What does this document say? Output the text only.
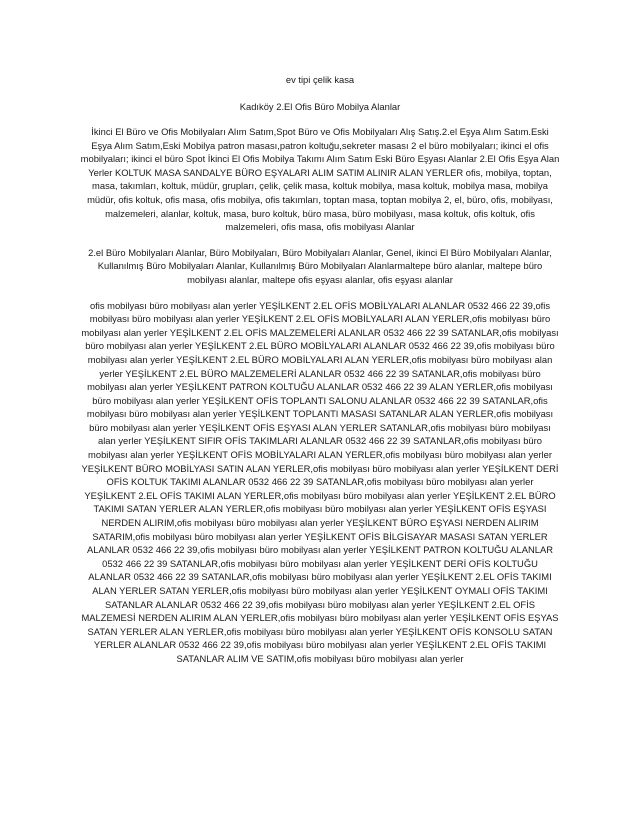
ev tipi çelik kasa
Kadıköy 2.El Ofis Büro Mobilya Alanlar

İkinci El Büro ve Ofis Mobilyaları Alım Satım,Spot Büro ve Ofis Mobilyaları Alış Satış.2.el Eşya Alım Satım.Eski Eşya Alım Satım,Eski Mobilya patron masası,patron koltuğu,sekreter masası 2 el büro mobilyaları; ikinci el ofis mobilyaları; ikinci el büro Spot İkinci El Ofis Mobilya Takımı Alım Satım Eski Büro Eşyası Alanlar 2.El Ofis Eşya Alan Yerler KOLTUK MASA SANDALYE BÜRO EŞYALARI ALIM SATIM ALINIR ALAN YERLER ofis, mobilya, toptan, masa, takımları, koltuk, müdür, grupları, çelik, çelik masa, koltuk mobilya, masa koltuk, mobilya masa, mobilya müdür, ofis koltuk, ofis masa, ofis mobilya, ofis takımları, toptan masa, toptan mobilya 2, el, büro, ofis, mobilyası, malzemeleri, alanlar, koltuk, masa, buro koltuk, büro masa, büro mobilyası, masa koltuk, ofis koltuk, ofis malzemeleri, ofis masa, ofis mobilyası Alanlar

2.el Büro Mobilyaları Alanlar, Büro Mobilyaları, Büro Mobilyaları Alanlar, Genel, ikinci El Büro Mobilyaları Alanlar, Kullanılmış Büro Mobilyaları Alanlar, Kullanılmış Büro Mobilyaları Alanlarmaltepe büro alanlar, maltepe büro mobilyası alanlar, maltepe ofis eşyası alanlar, ofis eşyası alanlar

ofis mobilyası büro mobilyası alan yerler YEŞİLKENT 2.EL OFİS MOBİLYALARI ALANLAR 0532 466 22 39,ofis mobilyası büro mobilyası alan yerler YEŞİLKENT 2.EL OFİS MOBİLYALARI ALAN YERLER,ofis mobilyası büro mobilyası alan yerler YEŞİLKENT 2.EL OFİS MALZEMELERİ ALANLAR 0532 466 22 39 SATANLAR,ofis mobilyası büro mobilyası alan yerler YEŞİLKENT 2.EL BÜRO MOBİLYALARI ALANLAR 0532 466 22 39,ofis mobilyası büro mobilyası alan yerler YEŞİLKENT 2.EL BÜRO MOBİLYALARI ALAN YERLER,ofis mobilyası büro mobilyası alan yerler YEŞİLKENT 2.EL BÜRO MALZEMELERİ ALANLAR 0532 466 22 39 SATANLAR,ofis mobilyası büro mobilyası alan yerler YEŞİLKENT PATRON KOLTUĞU ALANLAR 0532 466 22 39 ALAN YERLER,ofis mobilyası büro mobilyası alan yerler YEŞİLKENT OFİS TOPLANTI SALONU ALANLAR 0532 466 22 39 SATANLAR,ofis mobilyası büro mobilyası alan yerler YEŞİLKENT TOPLANTI MASASI SATANLAR ALAN YERLER,ofis mobilyası büro mobilyası alan yerler YEŞİLKENT OFİS EŞYASI ALAN YERLER SATANLAR,ofis mobilyası büro mobilyası alan yerler YEŞİLKENT SIFIR OFİS TAKIMLARI ALANLAR 0532 466 22 39 SATANLAR,ofis mobilyası büro mobilyası alan yerler YEŞİLKENT OFİS MOBİLYALARI ALAN YERLER,ofis mobilyası büro mobilyası alan yerler YEŞİLKENT BÜRO MOBİLYASI SATIN ALAN YERLER,ofis mobilyası büro mobilyası alan yerler YEŞİLKENT DERİ OFİS KOLTUK TAKIMI ALANLAR 0532 466 22 39 SATANLAR,ofis mobilyası büro mobilyası alan yerler YEŞİLKENT 2.EL OFİS TAKIMI ALAN YERLER,ofis mobilyası büro mobilyası alan yerler YEŞİLKENT 2.EL BÜRO TAKIMI SATAN YERLER ALAN YERLER,ofis mobilyası büro mobilyası alan yerler YEŞİLKENT OFİS EŞYASI NERDEN ALIRIM,ofis mobilyası büro mobilyası alan yerler YEŞİLKENT BÜRO EŞYASI NERDEN ALIRIM SATARIM,ofis mobilyası büro mobilyası alan yerler YEŞİLKENT OFİS BİLGİSAYAR MASASI SATAN YERLER ALANLAR 0532 466 22 39,ofis mobilyası büro mobilyası alan yerler YEŞİLKENT PATRON KOLTUĞU ALANLAR 0532 466 22 39 SATANLAR,ofis mobilyası büro mobilyası alan yerler YEŞİLKENT DERİ OFİS KOLTUĞU ALANLAR 0532 466 22 39 SATANLAR,ofis mobilyası büro mobilyası alan yerler YEŞİLKENT 2.EL OFİS TAKIMI ALAN YERLER SATAN YERLER,ofis mobilyası büro mobilyası alan yerler YEŞİLKENT OYMALI OFİS TAKIMI SATANLAR ALANLAR 0532 466 22 39,ofis mobilyası büro mobilyası alan yerler YEŞİLKENT 2.EL OFİS MALZEMESİ NERDEN ALIRIM ALAN YERLER,ofis mobilyası büro mobilyası alan yerler YEŞİLKENT OFİS EŞYAS SATAN YERLER ALAN YERLER,ofis mobilyası büro mobilyası alan yerler YEŞİLKENT OFİS KONSOLU SATAN YERLER ALANLAR 0532 466 22 39,ofis mobilyası büro mobilyası alan yerler YEŞİLKENT 2.EL OFİS TAKIMI SATANLAR ALIM VE SATIM,ofis mobilyası büro mobilyası alan yerler
